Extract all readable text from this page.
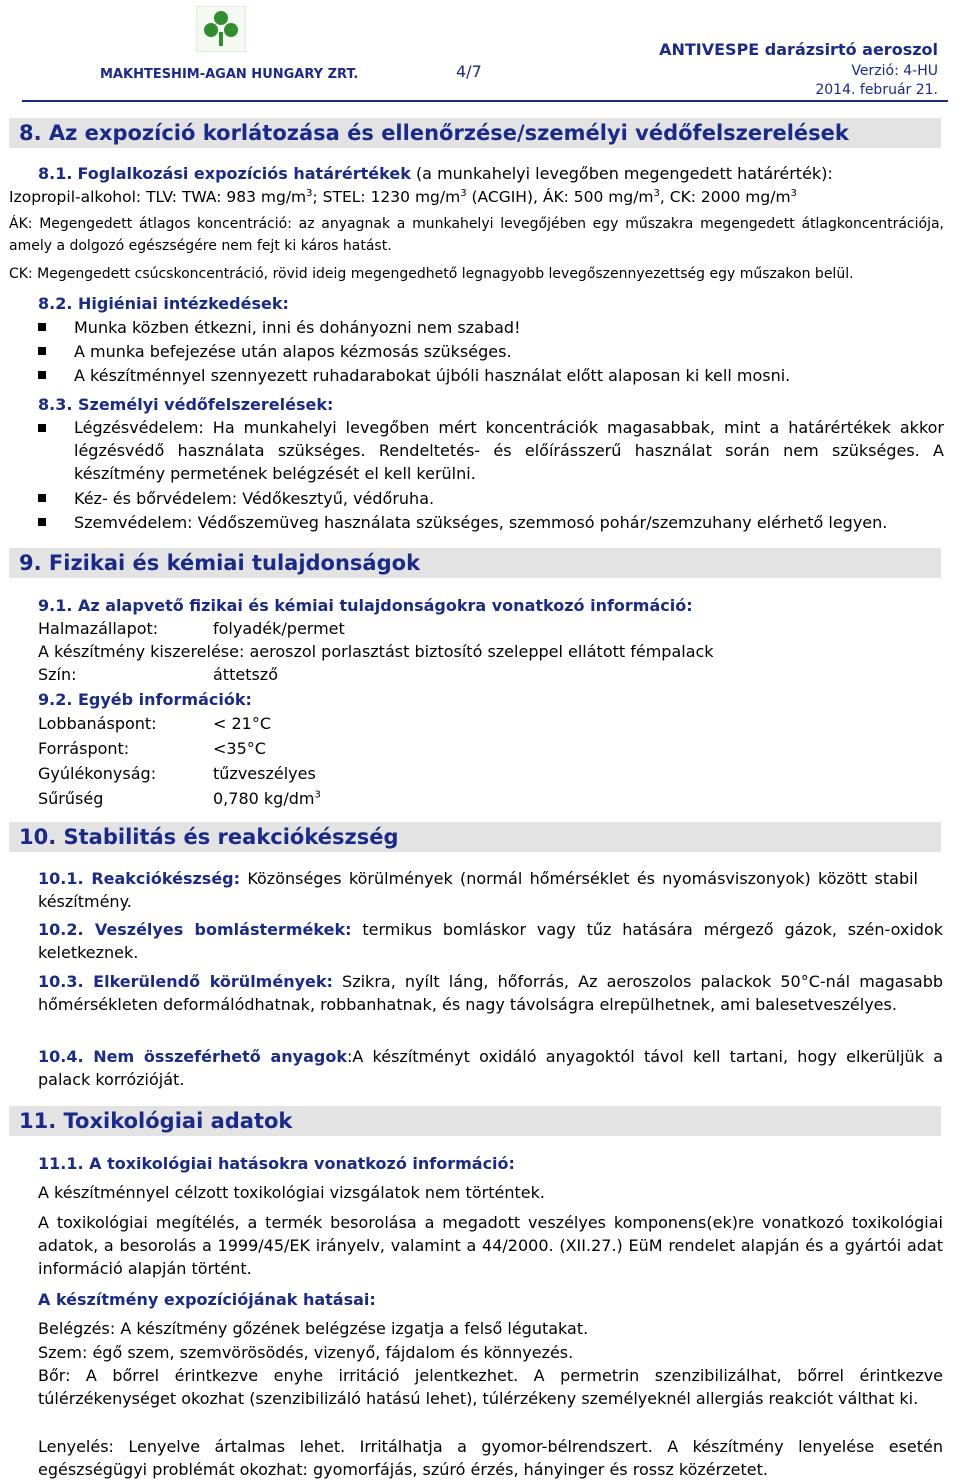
MAKHTESHIM-AGAN HUNGARY ZRT.	4/7
ANTIVESPE darázsirtó aeroszol
Verzió: 4-HU
2014. február 21.
8. Az expozíció korlátozása és ellenőrzése/személyi védőfelszerelések
8.1. Foglalkozási expozíciós határértékek (a munkahelyi levegőben megengedett határérték):
Izopropil-alkohol: TLV: TWA: 983 $mg/m^3$; STEL: 1230 $mg/m^3$ (ACGIH), ÁK: 500 $mg/m^3$, CK: 2000 $mg/m^3$
ÁK: Megengedett átlagos koncentráció: az anyagnak a munkahelyi levegőjében egy műszakra megengedett átlagkoncentrációja, amely a dolgozó egészségére nem fejt ki káros hatást.
CK: Megengedett csúcskoncentráció, rövid ideig megengedhető legnagyobb levegőszennyezettség egy műszakon belül.
8.2. Higiéniai intézkedések:
Munka közben étkezni, inni és dohányozni nem szabad!
A munka befejezése után alapos kézmosás szükséges.
A készítménnyel szennyezett ruhadarabokat újbóli használat előtt alaposan ki kell mosni.
8.3. Személyi védőfelszerelések:
Légzésvédelem: Ha munkahelyi levegőben mért koncentrációk magasabbak, mint a határértékek akkor légzésvédő használata szükséges. Rendeltetés- és előírásszerű használat során nem szükséges. A készítmény permetének belégzését el kell kerülni.
Kéz- és bőrvédelem: Védőkesztyű, védőruha.
Szemvédelem: Védőszemüveg használata szükséges, szemmosó pohár/szemzuhany elérhető legyen.
9. Fizikai és kémiai tulajdonságok
9.1. Az alapvető fizikai és kémiai tulajdonságokra vonatkozó információ:
Halmazállapot:	folyadék/permet
A készítmény kiszerelése: aeroszol porlasztást biztosító szeleppel ellátott fémpalack
Szín:	áttetsző
9.2. Egyéb információk:
Lobbanáspont:	< 21°C
Forráspont:	<35°C
Gyúlékonyság:	tűzveszélyes
Sűrűség	0,780 $kg/dm^3$
10. Stabilitás és reakciókészség
10.1. Reakciókészség: Közönséges körülmények (normál hőmérséklet és nyomásviszonyok) között stabil készítmény.
10.2. Veszélyes bomlástermékek: termikus bomláskor vagy tűz hatására mérgező gázok, szén-oxidok keletkeznek.
10.3. Elkerülendő körülmények: Szikra, nyílt láng, hőforrás, Az aeroszolos palackok 50°C-nál magasabb hőmérsékleten deformálódhatnak, robbanhatnak, és nagy távolságra elrepülhetnek, ami balesetveszélyes.
10.4. Nem összeférhető anyagok:A készítményt oxidáló anyagoktól távol kell tartani, hogy elkerüljük a palack korrózióját.
11. Toxikológiai adatok
11.1. A toxikológiai hatásokra vonatkozó információ:
A készítménnyel célzott toxikológiai vizsgálatok nem történtek.
A toxikológiai megítélés, a termék besorolása a megadott veszélyes komponens(ek)re vonatkozó toxikológiai adatok, a besorolás a 1999/45/EK irányelv, valamint a 44/2000. (XII.27.) EüM rendelet alapján és a gyártói adat információ alapján történt.
A készítmény expozíciójának hatásai:
Belégzés: A készítmény gőzének belégzése izgatja a felső légutakat.
Szem: égő szem, szemvörösödés, vizenyő, fájdalom és könnyezés.
Bőr: A bőrrel érintkezve enyhe irritáció jelentkezhet. A permetrin szenzibilizálhat, bőrrel érintkezve túlérzékenységet okozhat (szenzibilizáló hatású lehet), túlérzékeny személyeknél allergiás reakciót válthat ki.
Lenyelés: Lenyelve ártalmas lehet. Irritálhatja a gyomor-bélrendszert. A készítmény lenyelése esetén egészségügyi problémát okozhat: gyomorfájás, szúró érzés, hányinger és rossz közérzetet.
